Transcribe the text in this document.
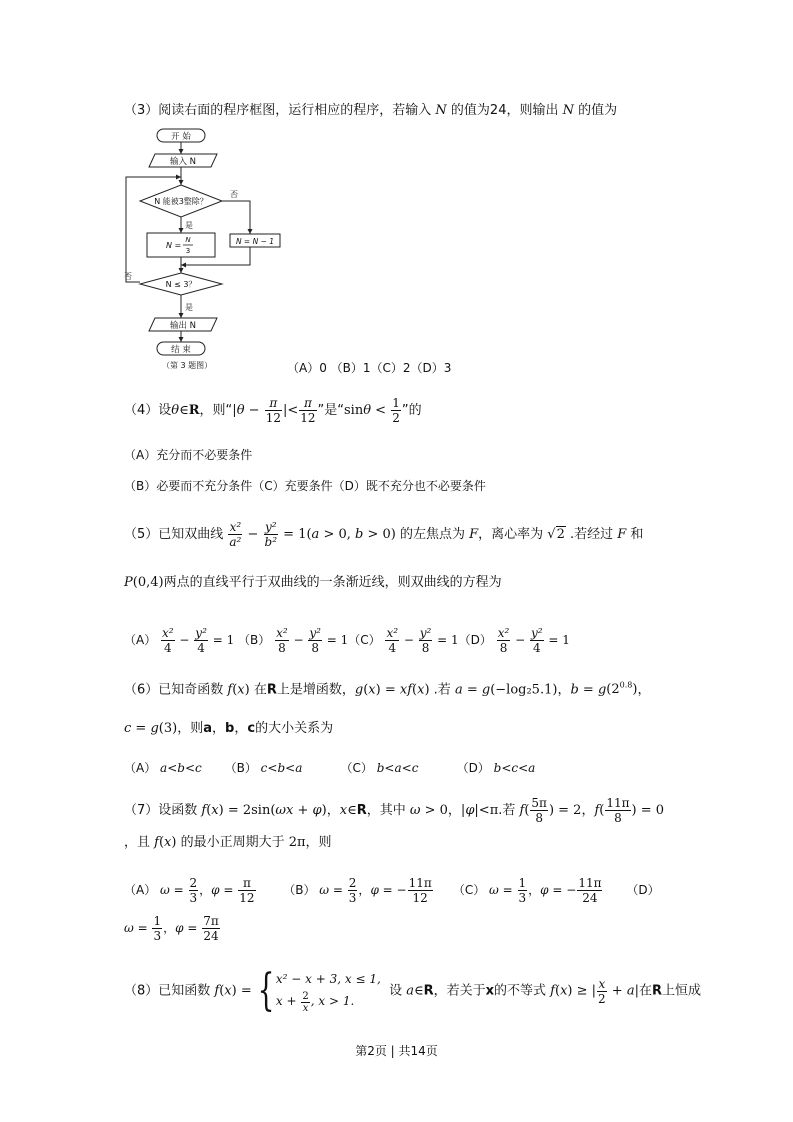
（3）阅读右面的程序框图，运行相应的程序，若输入 N 的值为24，则输出 N 的值为
开 始
输入 N
N 能被3整除？
否
是
N =
N
3
N = N − 1
N ≤ 3？
否
是
输出 N
结 束
（第 3 题图）	（A）0 （B）1（C）2（D）3
（4）设θ∈R，则“$|\theta - \frac{\pi}{12}$ |< $\frac{\pi}{12}$ ”是“$\sin\theta < \frac{1}{2}$ ”的
（A）充分而不必要条件
（B）必要而不充分条件（C）充要条件（D）既不充分也不必要条件
（5）已知双曲线 $\frac{\text{x²}}{\text{a²}} - \frac{\text{y²}}{\text{b²}} = 1(a > 0$, b > 0) 的左焦点为 F，离心率为 √2 .若经过 F 和
P(0,4)两点的直线平行于双曲线的一条渐近线，则双曲线的方程为
$(A) \frac{\text{x²}}{4} - \frac{\text{y²}}{4} = 1$ $(B) \frac{\text{x²}}{8} - \frac{\text{y²}}{8} = 1(C) \frac{\text{x²}}{4} - \frac{\text{y²}}{8} = 1(D) \frac{\text{x²}}{8} - \frac{\text{y²}}{4} = 1$
（6）已知奇函数 f(x) 在R上是增函数，g(x) = xf(x) .若 a = g(−log₂5.1)，$b = g(2^{0.8})$，
c = g(3)，则a，b，c的大小关系为
（A） a<b<c      （B） c<b<a          （C） b<a<c          （D） b<c<a
（7）设函数 f(x) = 2sin(ωx + φ)，x∈R，其中 ω > 0，|φ|<π.若 $f( \frac{5\pi}{8}$ ) = 2，$f( \frac{11\pi}{8}$ ) = 0
，且 f(x) 的最小正周期大于 2π，则
（A） $\omega = \frac{2}{3}$ ，$\varphi = \frac{\pi}{12} (B) \omega = \frac{2}{3}$ ，φ = − $\frac{11\pi}{12} (C) \omega = \frac{1}{3}$ ，φ = − $\frac{11\pi}{24} (D)$
$\omega = \frac{1}{3}$ ，$\varphi = \frac{7\pi}{24}$
（8）已知函数 f(x) = { x² − x + 3, x ≤ 1,
$x + \frac{2}{x}$ , x > 1.
设 a∈R，若关于x的不等式 f(x) ≥ | $\frac{x}{2} + a|$在R上恒成
第2页 | 共14页
